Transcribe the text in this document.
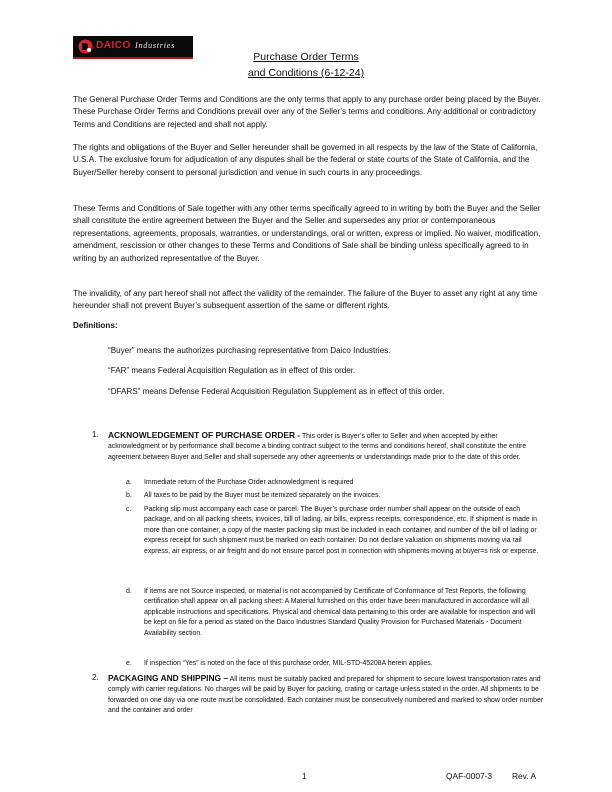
DAICO Industries
Purchase Order Terms
and Conditions (6-12-24)

The General Purchase Order Terms and Conditions are the only terms that apply to any purchase order being placed by the Buyer. These Purchase Order Terms and Conditions prevail over any of the Seller’s terms and conditions. Any additional or contradictory Terms and Conditions are rejected and shall not apply.

The rights and obligations of the Buyer and Seller hereunder shall be governed in all respects by the law of the State of California, U.S.A. The exclusive forum for adjudication of any disputes shall be the federal or state courts of the State of California, and the Buyer/Seller hereby consent to personal jurisdiction and venue in such courts in any proceedings.

These Terms and Conditions of Sale together with any other terms specifically agreed to in writing by both the Buyer and the Seller shall constitute the entire agreement between the Buyer and the Seller and supersedes any prior or contemporaneous representations, agreements, proposals, warranties, or understandings, oral or written, express or implied. No waiver, modification, amendment, rescission or other changes to these Terms and Conditions of Sale shall be binding unless specifically agreed to in writing by an authorized representative of the Buyer.

The invalidity, of any part hereof shall not affect the validity of the remainder. The failure of the Buyer to asset any right at any time hereunder shall not prevent Buyer’s subsequent assertion of the same or different rights.

Definitions:
“Buyer” means the authorizes purchasing representative from Daico Industries.
“FAR” means Federal Acquisition Regulation as in effect of this order.
“DFARS” means Defense Federal Acquisition Regulation Supplement as in effect of this order.
1. ACKNOWLEDGEMENT OF PURCHASE ORDER - This order is Buyer’s offer to Seller and when accepted by either acknowledgment or by performance shall become a binding contract subject to the terms and conditions hereof, shall constitute the entire agreement between Buyer and Seller and shall supersede any other agreements or understandings made prior to the date of this order.
a. Immediate return of the Purchase Order acknowledgment is required
b. All taxes to be paid by the Buyer must be itemized separately on the invoices.
c. Packing slip must accompany each case or parcel. The Buyer’s purchase order number shall appear on the outside of each package, and on all packing sheets, invoices, bill of lading, air bills, express receipts, correspondence, etc. If shipment is made in more than one container, a copy of the master packing slip must be included in each container, and number of the bill of lading or express receipt for such shipment must be marked on each container. Do not declare valuation on shipments moving via rail express, air express, or air freight and do not ensure parcel post in connection with shipments moving at buyer=s risk or expense.
d. If items are not Source inspected, or material is not accompanied by Certificate of Conformance of Test Reports, the following certification shall appear on all packing sheet: A Material furnished on this order have been manufactured in accordance will all applicable instructions and specifications. Physical and chemical data pertaining to this order are available for inspection and will be kept on file for a period as stated on the Daico Industries Standard Quality Provision for Purchased Materials - Document Availability section.
e. If inspection “Yes” is noted on the face of this purchase order, MIL-STD-45208A herein applies.
2. PACKAGING AND SHIPPING – All items must be suitably packed and prepared for shipment to secure lowest transportation rates and comply with carrier regulations. No charges will be paid by Buyer for packing, crating or cartage unless stated in the order. All shipments to be forwarded on one day via one route must be consolidated. Each container must be consecutively numbered and marked to show order number and the container and order
1	QAF-0007-3 Rev. A
